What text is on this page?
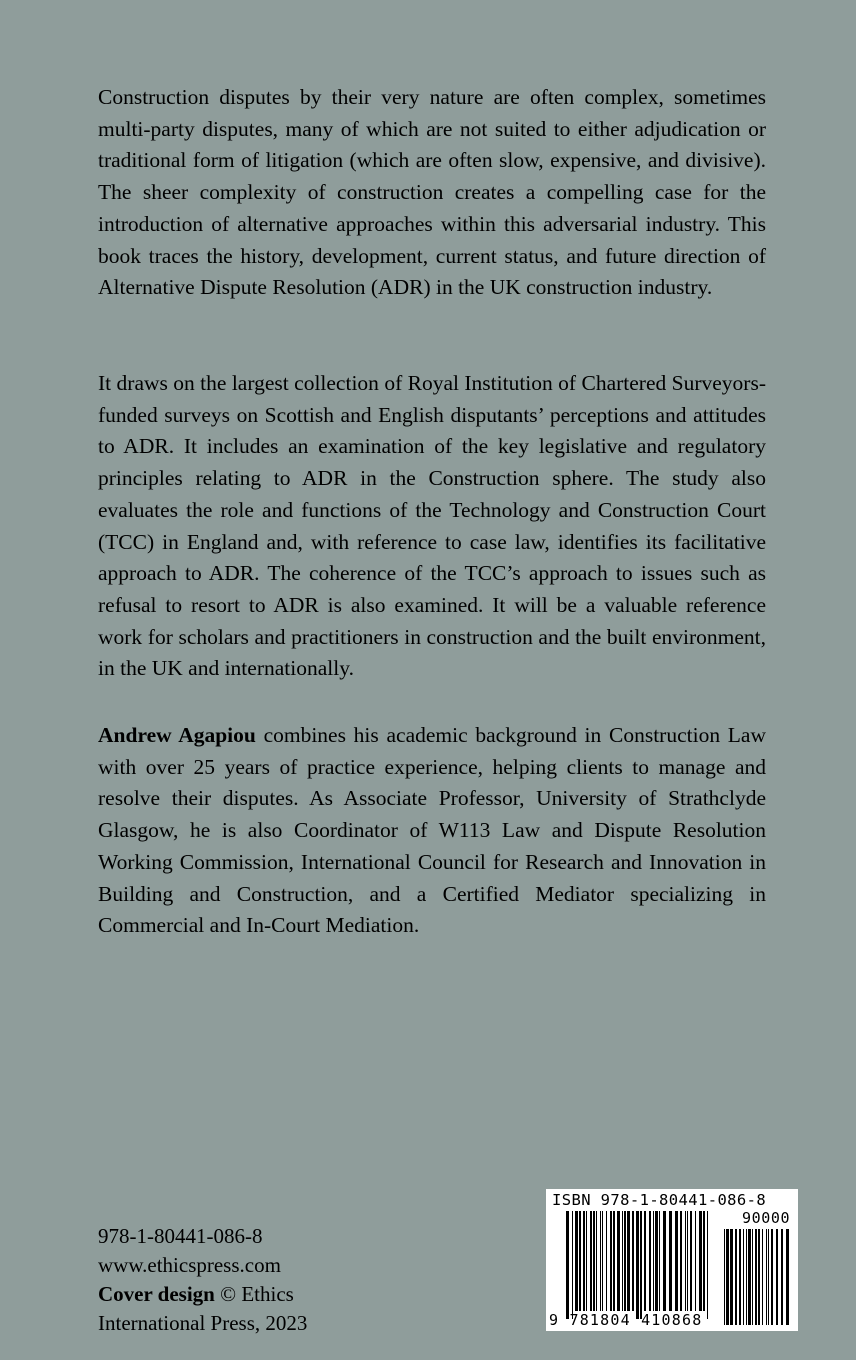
Construction disputes by their very nature are often complex, sometimes multi-party disputes, many of which are not suited to either adjudication or traditional form of litigation (which are often slow, expensive, and divisive). The sheer complexity of construction creates a compelling case for the introduction of alternative approaches within this adversarial industry. This book traces the history, development, current status, and future direction of Alternative Dispute Resolution (ADR) in the UK construction industry.

It draws on the largest collection of Royal Institution of Chartered Surveyors-funded surveys on Scottish and English disputants’ perceptions and attitudes to ADR. It includes an examination of the key legislative and regulatory principles relating to ADR in the Construction sphere. The study also evaluates the role and functions of the Technology and Construction Court (TCC) in England and, with reference to case law, identifies its facilitative approach to ADR. The coherence of the TCC’s approach to issues such as refusal to resort to ADR is also examined. It will be a valuable reference work for scholars and practitioners in construction and the built environment, in the UK and internationally.

Andrew Agapiou combines his academic background in Construction Law with over 25 years of practice experience, helping clients to manage and resolve their disputes. As Associate Professor, University of Strathclyde Glasgow, he is also Coordinator of W113 Law and Dispute Resolution Working Commission, International Council for Research and Innovation in Building and Construction, and a Certified Mediator specializing in Commercial and In-Court Mediation.

978-1-80441-086-8
www.ethicspress.com
Cover design © Ethics
International Press, 2023
ISBN 978-1-80441-086-8
90000
9 781804 410868
